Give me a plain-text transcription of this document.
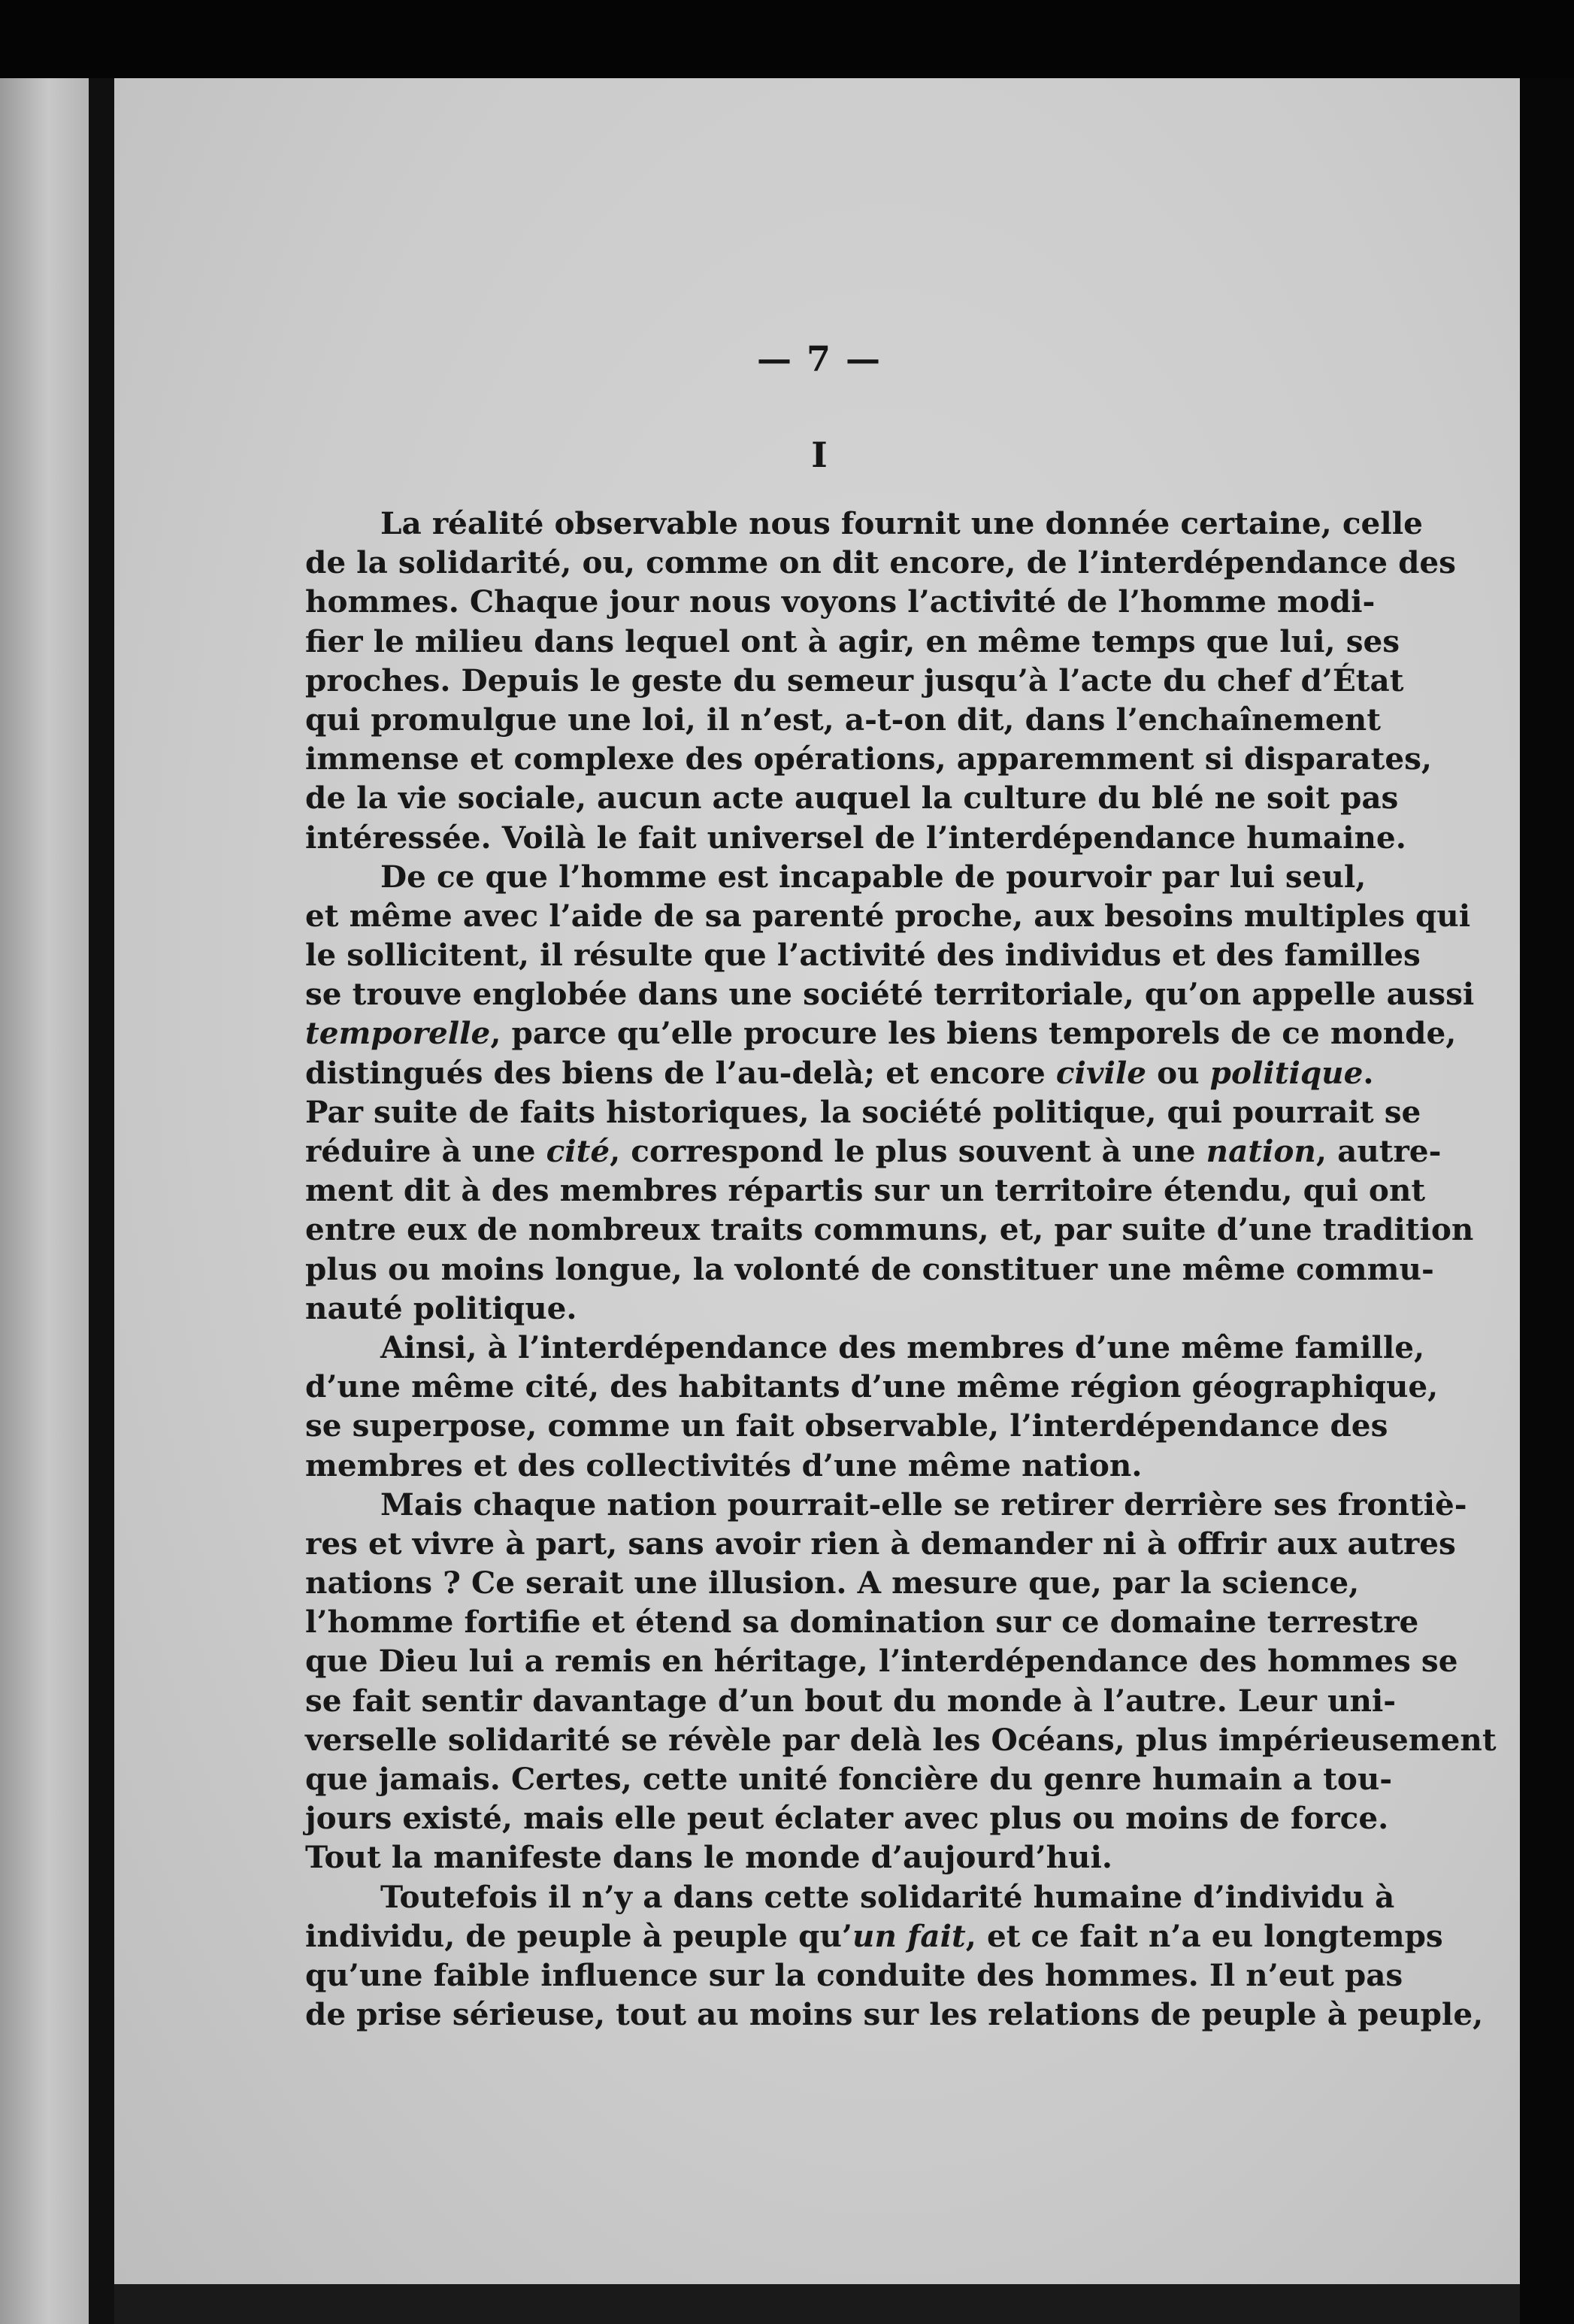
— 7 —
I
La réalité observable nous fournit une donnée certaine, celle
de la solidarité, ou, comme on dit encore, de l’interdépendance des
hommes. Chaque jour nous voyons l’activité de l’homme modi-
fier le milieu dans lequel ont à agir, en même temps que lui, ses
proches. Depuis le geste du semeur jusqu’à l’acte du chef d’État
qui promulgue une loi, il n’est, a-t-on dit, dans l’enchaînement
immense et complexe des opérations, apparemment si disparates,
de la vie sociale, aucun acte auquel la culture du blé ne soit pas
intéressée. Voilà le fait universel de l’interdépendance humaine.
De ce que l’homme est incapable de pourvoir par lui seul,
et même avec l’aide de sa parenté proche, aux besoins multiples qui
le sollicitent, il résulte que l’activité des individus et des familles
se trouve englobée dans une société territoriale, qu’on appelle aussi
temporelle, parce qu’elle procure les biens temporels de ce monde,
distingués des biens de l’au-delà; et encore civile ou politique.
Par suite de faits historiques, la société politique, qui pourrait se
réduire à une cité, correspond le plus souvent à une nation, autre-
ment dit à des membres répartis sur un territoire étendu, qui ont
entre eux de nombreux traits communs, et, par suite d’une tradition
plus ou moins longue, la volonté de constituer une même commu-
nauté politique.
Ainsi, à l’interdépendance des membres d’une même famille,
d’une même cité, des habitants d’une même région géographique,
se superpose, comme un fait observable, l’interdépendance des
membres et des collectivités d’une même nation.
Mais chaque nation pourrait-elle se retirer derrière ses frontiè-
res et vivre à part, sans avoir rien à demander ni à offrir aux autres
nations ? Ce serait une illusion. A mesure que, par la science,
l’homme fortifie et étend sa domination sur ce domaine terrestre
que Dieu lui a remis en héritage, l’interdépendance des hommes se
se fait sentir davantage d’un bout du monde à l’autre. Leur uni-
verselle solidarité se révèle par delà les Océans, plus impérieusement
que jamais. Certes, cette unité foncière du genre humain a tou-
jours existé, mais elle peut éclater avec plus ou moins de force.
Tout la manifeste dans le monde d’aujourd’hui.
Toutefois il n’y a dans cette solidarité humaine d’individu à
individu, de peuple à peuple qu’un fait, et ce fait n’a eu longtemps
qu’une faible influence sur la conduite des hommes. Il n’eut pas
de prise sérieuse, tout au moins sur les relations de peuple à peuple,
